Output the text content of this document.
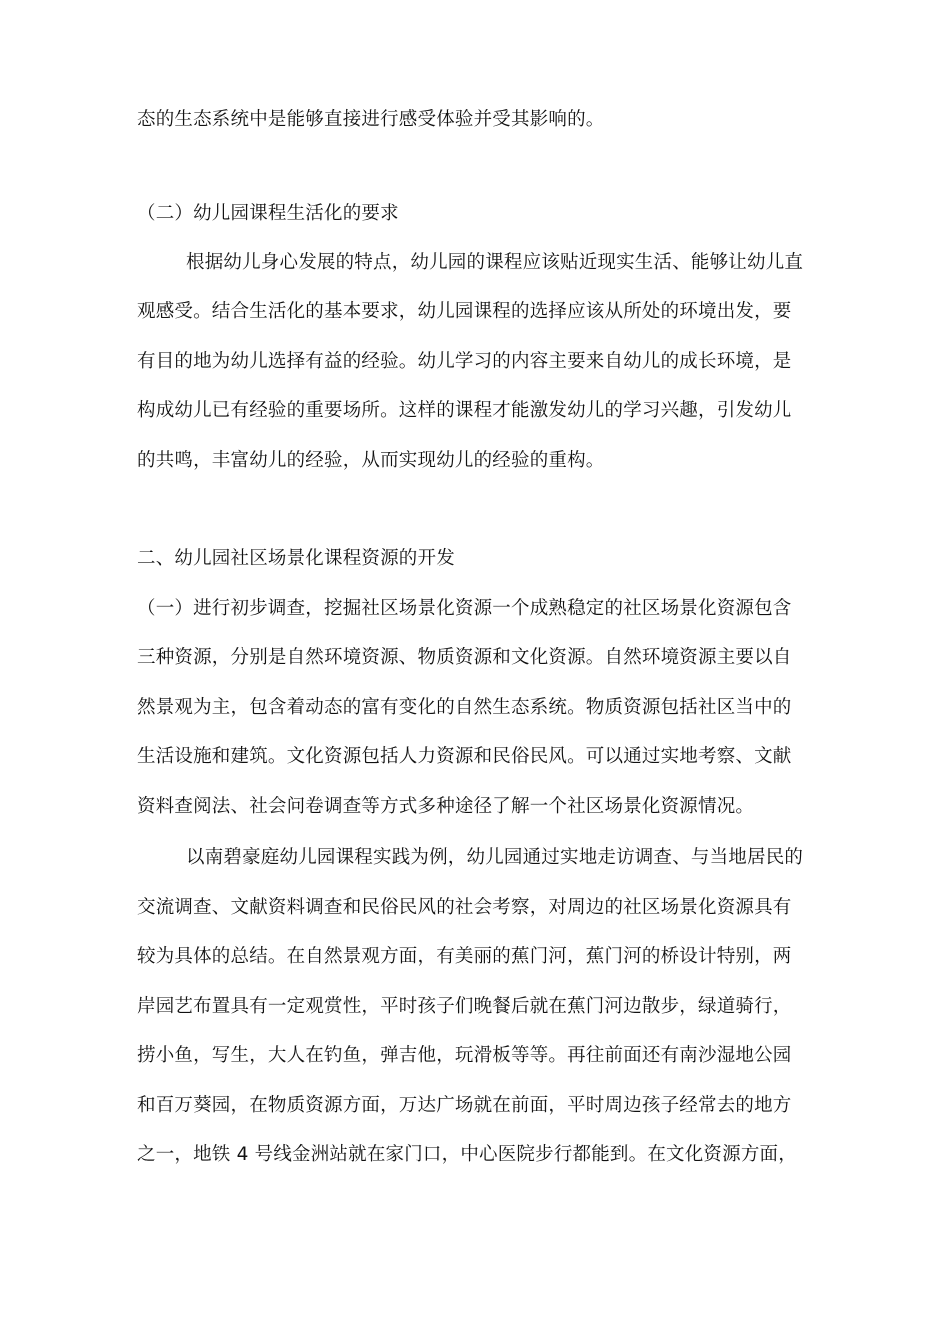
态的生态系统中是能够直接进行感受体验并受其影响的。
（二）幼儿园课程生活化的要求
根据幼儿身心发展的特点，幼儿园的课程应该贴近现实生活、能够让幼儿直
观感受。结合生活化的基本要求，幼儿园课程的选择应该从所处的环境出发，要
有目的地为幼儿选择有益的经验。幼儿学习的内容主要来自幼儿的成长环境，是
构成幼儿已有经验的重要场所。这样的课程才能激发幼儿的学习兴趣，引发幼儿
的共鸣，丰富幼儿的经验，从而实现幼儿的经验的重构。
二、幼儿园社区场景化课程资源的开发
（一）进行初步调查，挖掘社区场景化资源一个成熟稳定的社区场景化资源包含
三种资源，分别是自然环境资源、物质资源和文化资源。自然环境资源主要以自
然景观为主，包含着动态的富有变化的自然生态系统。物质资源包括社区当中的
生活设施和建筑。文化资源包括人力资源和民俗民风。可以通过实地考察、文献
资料查阅法、社会问卷调查等方式多种途径了解一个社区场景化资源情况。
以南碧豪庭幼儿园课程实践为例，幼儿园通过实地走访调查、与当地居民的
交流调查、文献资料调查和民俗民风的社会考察，对周边的社区场景化资源具有
较为具体的总结。在自然景观方面，有美丽的蕉门河，蕉门河的桥设计特别，两
岸园艺布置具有一定观赏性，平时孩子们晚餐后就在蕉门河边散步，绿道骑行，
捞小鱼，写生，大人在钓鱼，弹吉他，玩滑板等等。再往前面还有南沙湿地公园
和百万葵园，在物质资源方面，万达广场就在前面，平时周边孩子经常去的地方
之一，地铁 4 号线金洲站就在家门口，中心医院步行都能到。在文化资源方面，
